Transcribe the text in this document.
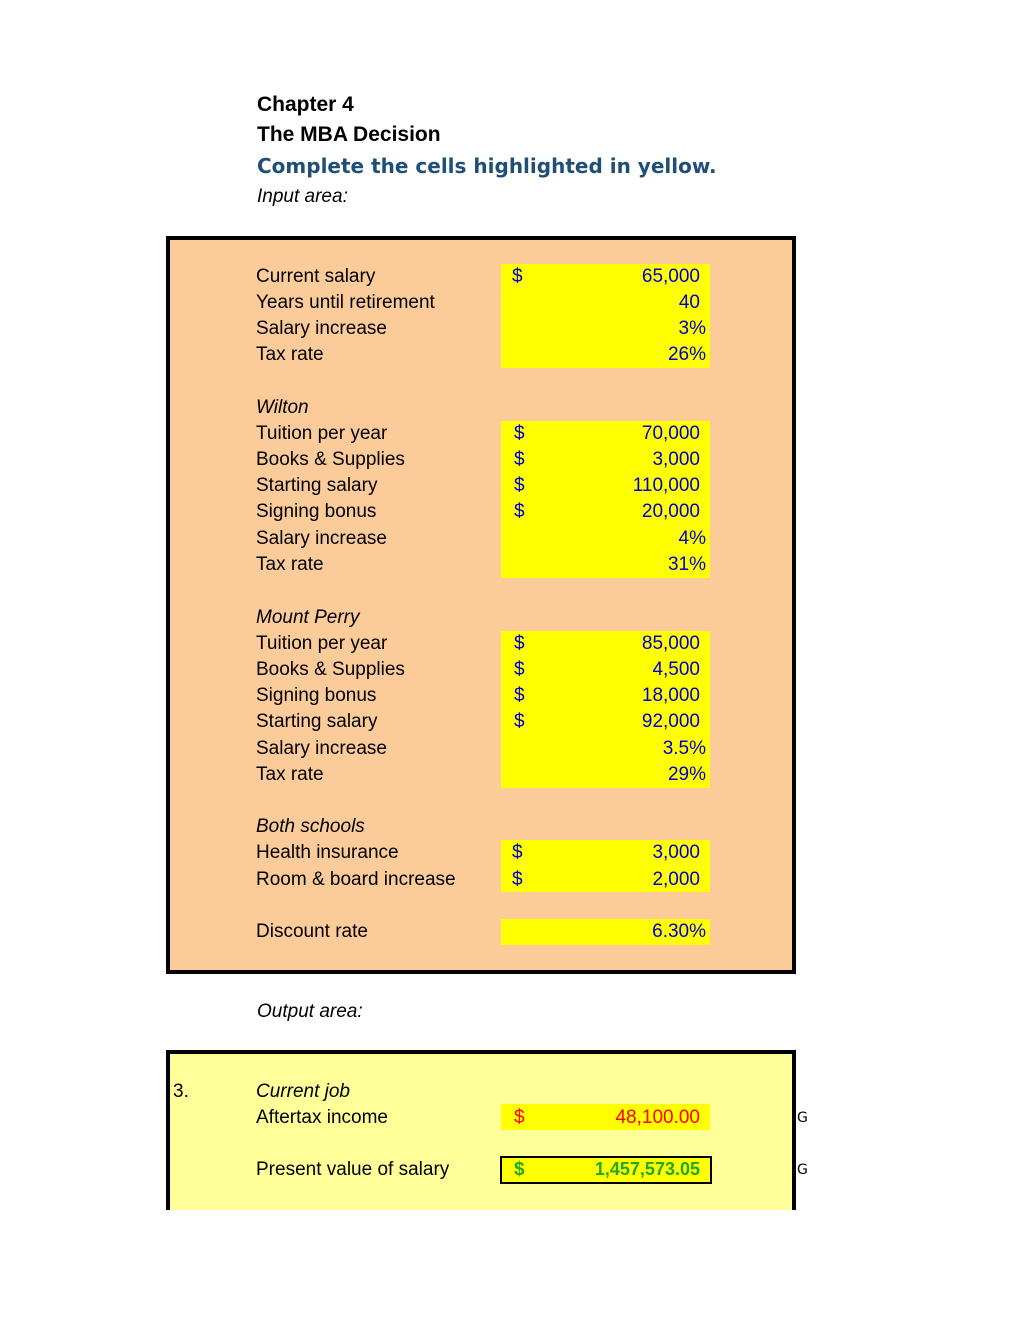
Chapter 4
The MBA Decision
Complete the cells highlighted in yellow.
Input area:
Current salary	$	65,000
Years until retirement	40
Salary increase	3%
Tax rate	26%
Wilton
Tuition per year	$	70,000
Books & Supplies	$	3,000
Starting salary	$	110,000
Signing bonus	$	20,000
Salary increase	4%
Tax rate	31%
Mount Perry
Tuition per year	$	85,000
Books & Supplies	$	4,500
Signing bonus	$	18,000
Starting salary	$	92,000
Salary increase	3.5%
Tax rate	29%
Both schools
Health insurance	$	3,000
Room & board increase	$	2,000
Discount rate	6.30%
Output area:
3.	Current job
Aftertax income	$	48,100.00	G
Present value of salary	$	1,457,573.05	G
